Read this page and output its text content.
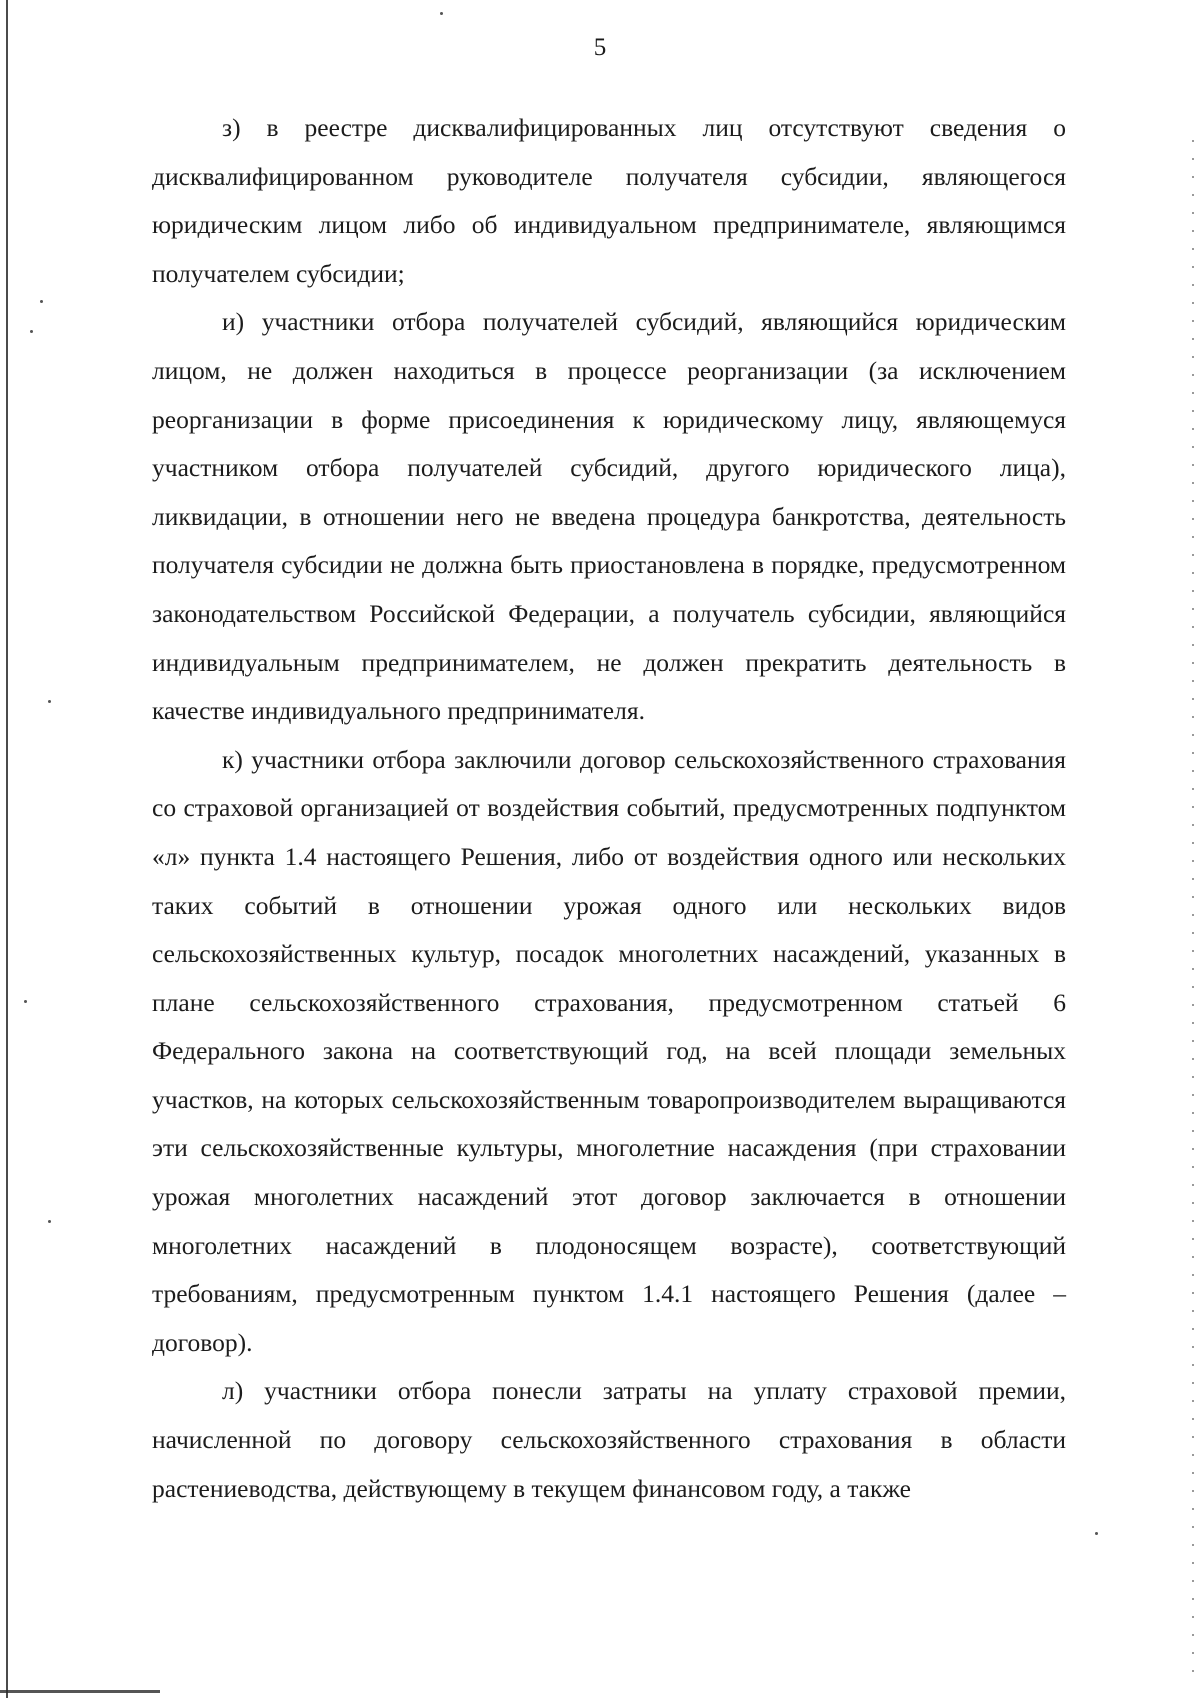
5

з) в реестре дисквалифицированных лиц отсутствуют сведения о дисквалифицированном руководителе получателя субсидии, являющегося юридическим лицом либо об индивидуальном предпринимателе, являющимся получателем субсидии;

и) участники отбора получателей субсидий, являющийся юридическим лицом, не должен находиться в процессе реорганизации (за исключением реорганизации в форме присоединения к юридическому лицу, являющемуся участником отбора получателей субсидий, другого юридического лица), ликвидации, в отношении него не введена процедура банкротства, деятельность получателя субсидии не должна быть приостановлена в порядке, предусмотренном законодательством Российской Федерации, а получатель субсидии, являющийся индивидуальным предпринимателем, не должен прекратить деятельность в качестве индивидуального предпринимателя.

к) участники отбора заключили договор сельскохозяйственного страхования со страховой организацией от воздействия событий, предусмотренных подпунктом «л» пункта 1.4 настоящего Решения, либо от воздействия одного или нескольких таких событий в отношении урожая одного или нескольких видов сельскохозяйственных культур, посадок многолетних насаждений, указанных в плане сельскохозяйственного страхования, предусмотренном статьей 6 Федерального закона на соответствующий год, на всей площади земельных участков, на которых сельскохозяйственным товаропроизводителем выращиваются эти сельскохозяйственные культуры, многолетние насаждения (при страховании урожая многолетних насаждений этот договор заключается в отношении многолетних насаждений в плодоносящем возрасте), соответствующий требованиям, предусмотренным пунктом 1.4.1 настоящего Решения (далее – договор).

л) участники отбора понесли затраты на уплату страховой премии, начисленной по договору сельскохозяйственного страхования в области растениеводства, действующему в текущем финансовом году, а также
